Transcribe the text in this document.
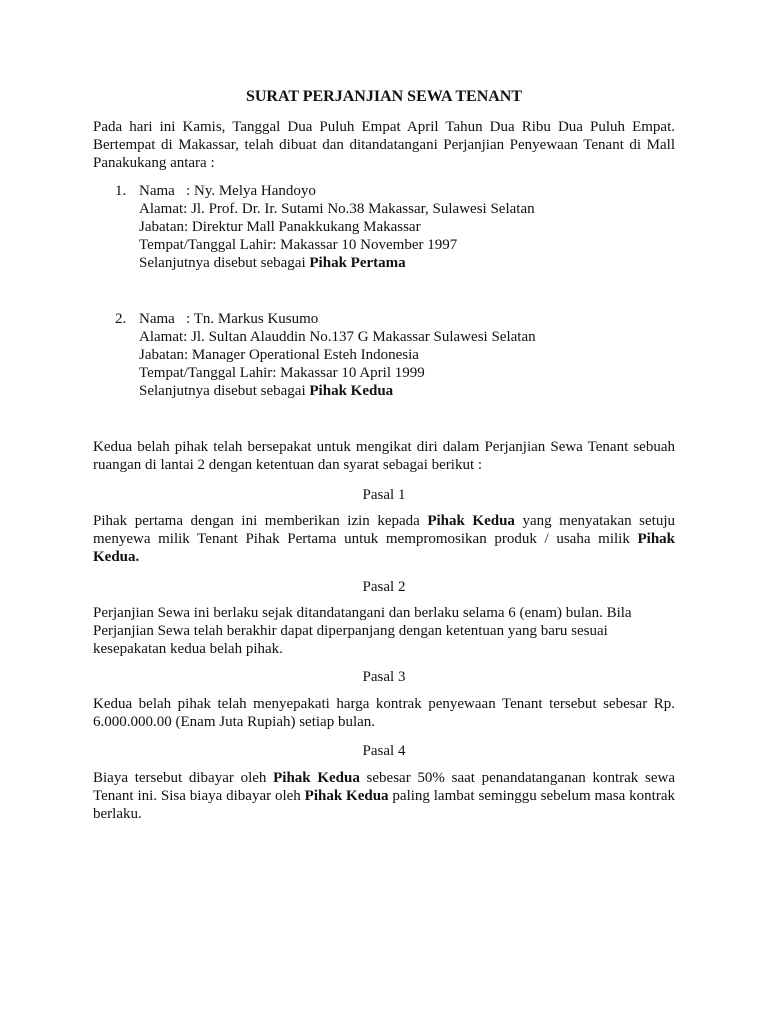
SURAT PERJANJIAN SEWA TENANT
Pada hari ini Kamis, Tanggal Dua Puluh Empat April Tahun Dua Ribu Dua Puluh Empat. Bertempat di Makassar, telah dibuat dan ditandatangani Perjanjian Penyewaan Tenant di Mall Panakukang antara :
1. Nama   : Ny. Melya Handoyo
Alamat: Jl. Prof. Dr. Ir. Sutami No.38 Makassar, Sulawesi Selatan
Jabatan: Direktur Mall Panakkukang Makassar
Tempat/Tanggal Lahir: Makassar 10 November 1997
Selanjutnya disebut sebagai Pihak Pertama
2. Nama   : Tn. Markus Kusumo
Alamat: Jl. Sultan Alauddin No.137 G Makassar Sulawesi Selatan
Jabatan: Manager Operational Esteh Indonesia
Tempat/Tanggal Lahir: Makassar 10 April 1999
Selanjutnya disebut sebagai Pihak Kedua
Kedua belah pihak telah bersepakat untuk mengikat diri dalam Perjanjian Sewa Tenant sebuah ruangan di lantai 2 dengan ketentuan dan syarat sebagai berikut :
Pasal 1
Pihak pertama dengan ini memberikan izin kepada Pihak Kedua yang menyatakan setuju menyewa milik Tenant Pihak Pertama untuk mempromosikan produk / usaha milik Pihak Kedua.
Pasal 2
Perjanjian Sewa ini berlaku sejak ditandatangani dan berlaku selama 6 (enam) bulan. Bila Perjanjian Sewa telah berakhir dapat diperpanjang dengan ketentuan yang baru sesuai kesepakatan kedua belah pihak.
Pasal 3
Kedua belah pihak telah menyepakati harga kontrak penyewaan Tenant tersebut sebesar Rp. 6.000.000.00 (Enam Juta Rupiah) setiap bulan.
Pasal 4
Biaya tersebut dibayar oleh Pihak Kedua sebesar 50% saat penandatanganan kontrak sewa Tenant ini. Sisa biaya dibayar oleh Pihak Kedua paling lambat seminggu sebelum masa kontrak berlaku.
